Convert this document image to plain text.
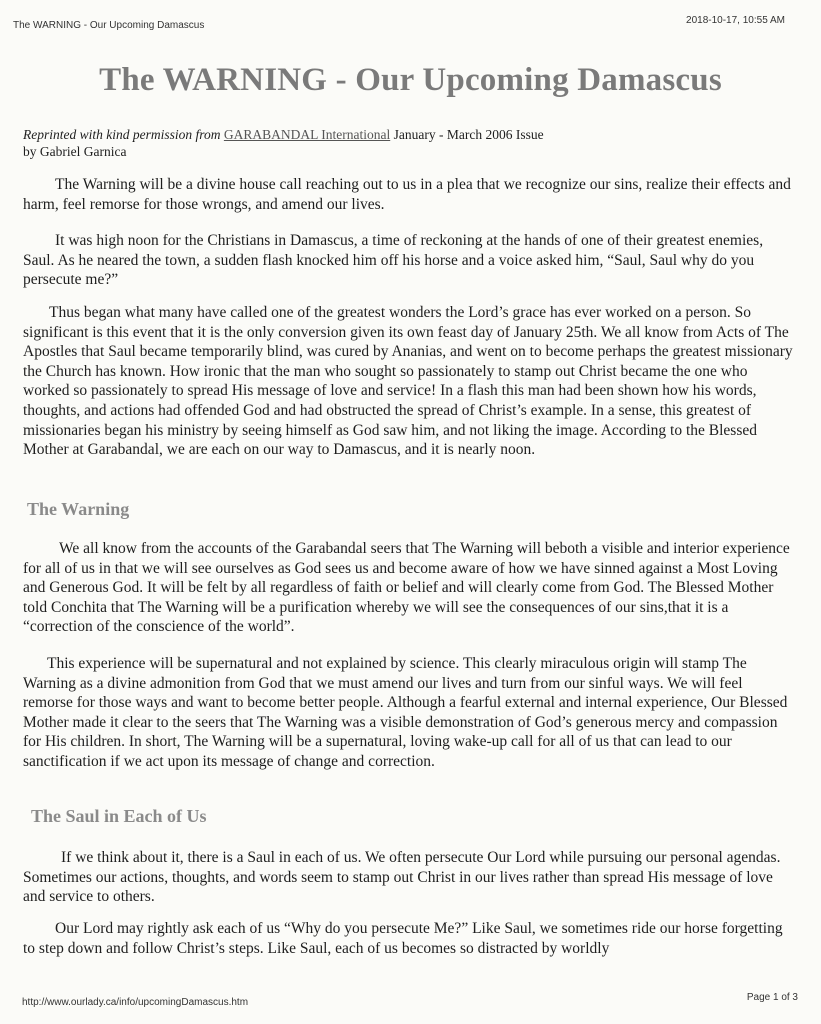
The WARNING - Our Upcoming Damascus	2018-10-17, 10:55 AM
The WARNING - Our Upcoming Damascus
Reprinted with kind permission from GARABANDAL International January - March 2006 Issue
by Gabriel Garnica

The Warning will be a divine house call reaching out to us in a plea that we recognize our sins, realize their effects and harm, feel remorse for those wrongs, and amend our lives.

It was high noon for the Christians in Damascus, a time of reckoning at the hands of one of their greatest enemies, Saul. As he neared the town, a sudden flash knocked him off his horse and a voice asked him, “Saul, Saul why do you persecute me?”

Thus began what many have called one of the greatest wonders the Lord’s grace has ever worked on a person. So significant is this event that it is the only conversion given its own feast day of January 25th. We all know from Acts of The Apostles that Saul became temporarily blind, was cured by Ananias, and went on to become perhaps the greatest missionary the Church has known. How ironic that the man who sought so passionately to stamp out Christ became the one who worked so passionately to spread His message of love and service! In a flash this man had been shown how his words, thoughts, and actions had offended God and had obstructed the spread of Christ’s example. In a sense, this greatest of missionaries began his ministry by seeing himself as God saw him, and not liking the image. According to the Blessed Mother at Garabandal, we are each on our way to Damascus, and it is nearly noon.

The Warning

We all know from the accounts of the Garabandal seers that The Warning will beboth a visible and interior experience for all of us in that we will see ourselves as God sees us and become aware of how we have sinned against a Most Loving and Generous God. It will be felt by all regardless of faith or belief and will clearly come from God. The Blessed Mother told Conchita that The Warning will be a purification whereby we will see the consequences of our sins,that it is a “correction of the conscience of the world”.

This experience will be supernatural and not explained by science. This clearly miraculous origin will stamp The Warning as a divine admonition from God that we must amend our lives and turn from our sinful ways. We will feel remorse for those ways and want to become better people. Although a fearful external and internal experience, Our Blessed Mother made it clear to the seers that The Warning was a visible demonstration of God’s generous mercy and compassion for His children. In short, The Warning will be a supernatural, loving wake-up call for all of us that can lead to our sanctification if we act upon its message of change and correction.

The Saul in Each of Us

If we think about it, there is a Saul in each of us. We often persecute Our Lord while pursuing our personal agendas. Sometimes our actions, thoughts, and words seem to stamp out Christ in our lives rather than spread His message of love and service to others.

Our Lord may rightly ask each of us “Why do you persecute Me?” Like Saul, we sometimes ride our horse forgetting to step down and follow Christ’s steps. Like Saul, each of us becomes so distracted by worldly

http://www.ourlady.ca/info/upcomingDamascus.htm	Page 1 of 3
